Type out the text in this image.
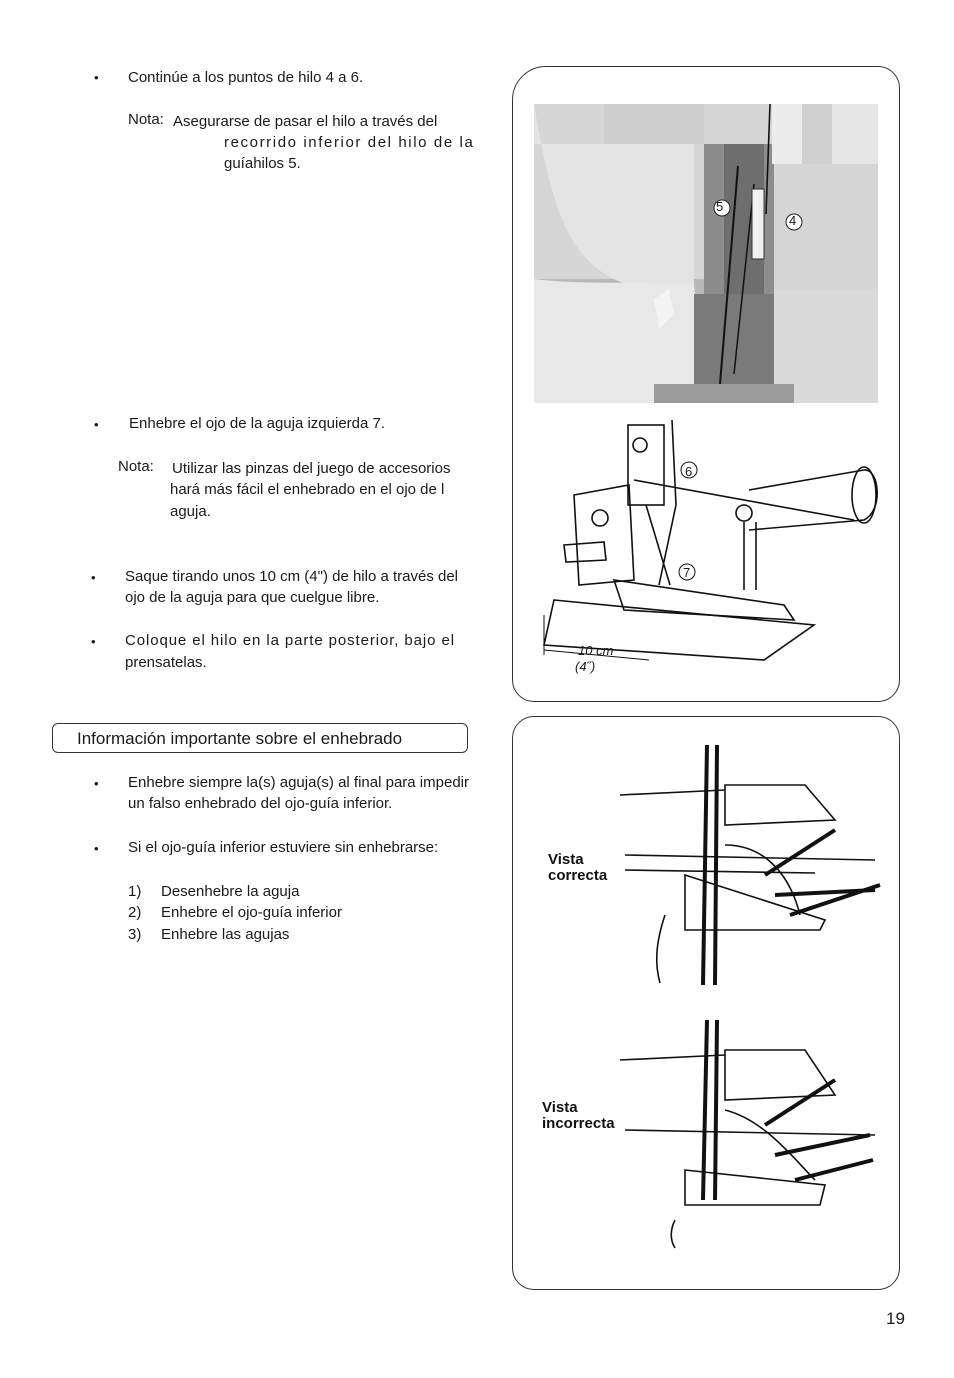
• Continúe a los puntos de hilo 4 a 6.
Nota: Asegurarse de pasar el hilo a través del
recorrido inferior del hilo de la
guíahilos 5.
• Enhebre el ojo de la aguja izquierda 7.
Nota: Utilizar las pinzas del juego de accesorios
hará más fácil el enhebrado en el ojo de l
aguja.
• Saque tirando unos 10 cm (4") de hilo a través del
ojo de la aguja para que cuelgue libre.
• Coloque el hilo en la parte posterior, bajo el
prensatelas.
Información importante sobre el enhebrado
• Enhebre siempre la(s) aguja(s) al final para impedir
un falso enhebrado del ojo-guía inferior.
• Si el ojo-guía inferior estuviere sin enhebrarse:
1) Desenhebre la aguja
2) Enhebre el ojo-guía inferior
3) Enhebre las agujas
5
4
6
7
10 cm
(4˝)
Vista
correcta
Vista
incorrecta
19
